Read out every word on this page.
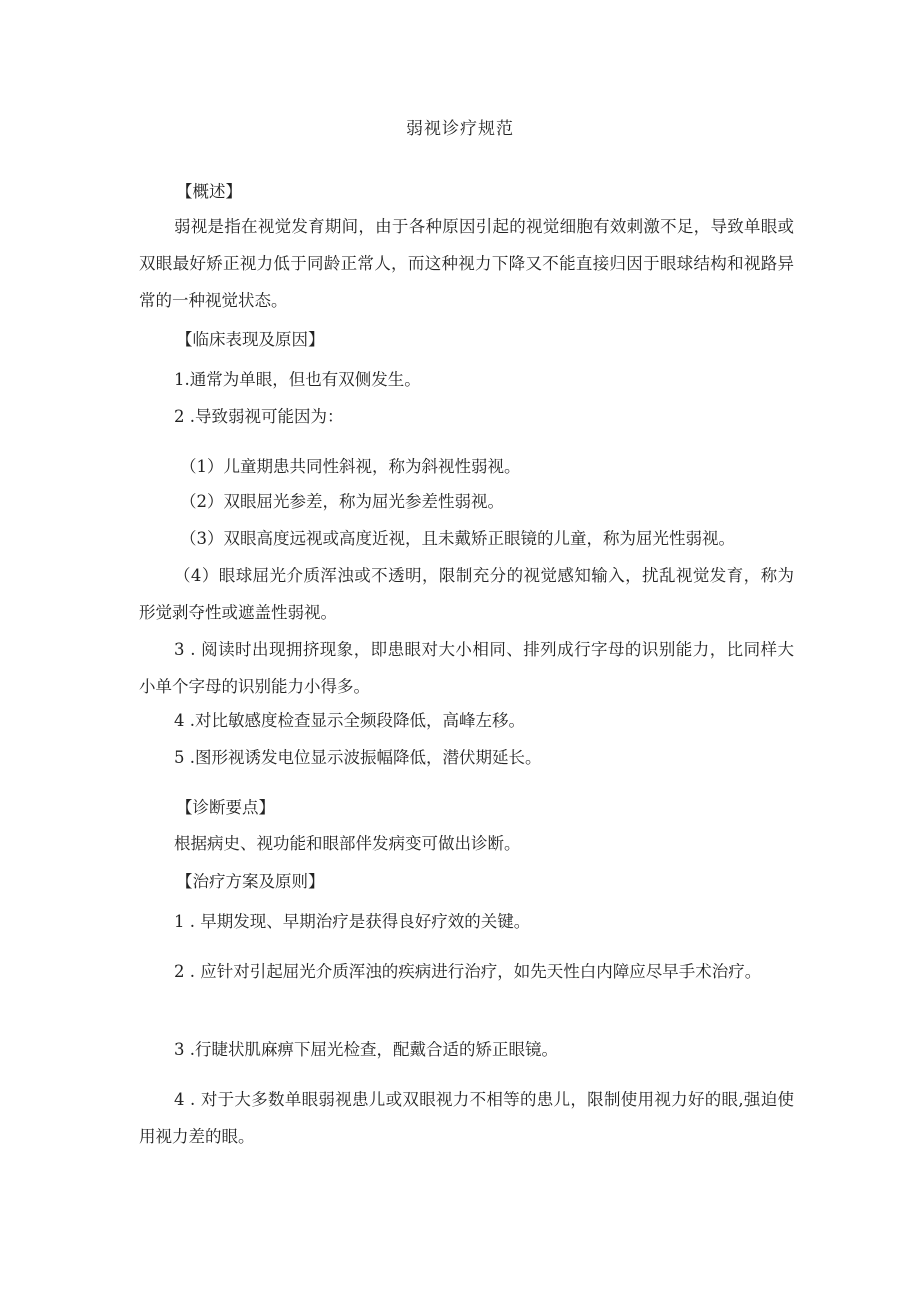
弱视诊疗规范
【概述】
弱视是指在视觉发育期间，由于各种原因引起的视觉细胞有效刺激不足，导致单眼或双眼最好矫正视力低于同龄正常人，而这种视力下降又不能直接归因于眼球结构和视路异常的一种视觉状态。
【临床表现及原因】
1.通常为单眼，但也有双侧发生。
2 .导致弱视可能因为：
（1）儿童期患共同性斜视，称为斜视性弱视。
（2）双眼屈光参差，称为屈光参差性弱视。
（3）双眼高度远视或高度近视，且未戴矫正眼镜的儿童，称为屈光性弱视。
（4）眼球屈光介质浑浊或不透明，限制充分的视觉感知输入，扰乱视觉发育，称为形觉剥夺性或遮盖性弱视。
3 . 阅读时出现拥挤现象，即患眼对大小相同、排列成行字母的识别能力，比同样大小单个字母的识别能力小得多。
4 .对比敏感度检查显示全频段降低，高峰左移。
5 .图形视诱发电位显示波振幅降低，潜伏期延长。
【诊断要点】
根据病史、视功能和眼部伴发病变可做出诊断。
【治疗方案及原则】
1 . 早期发现、早期治疗是获得良好疗效的关键。
2 . 应针对引起屈光介质浑浊的疾病进行治疗，如先天性白内障应尽早手术治疗。
3 .行睫状肌麻痹下屈光检查，配戴合适的矫正眼镜。
4 . 对于大多数单眼弱视患儿或双眼视力不相等的患儿，限制使用视力好的眼,强迫使用视力差的眼。
